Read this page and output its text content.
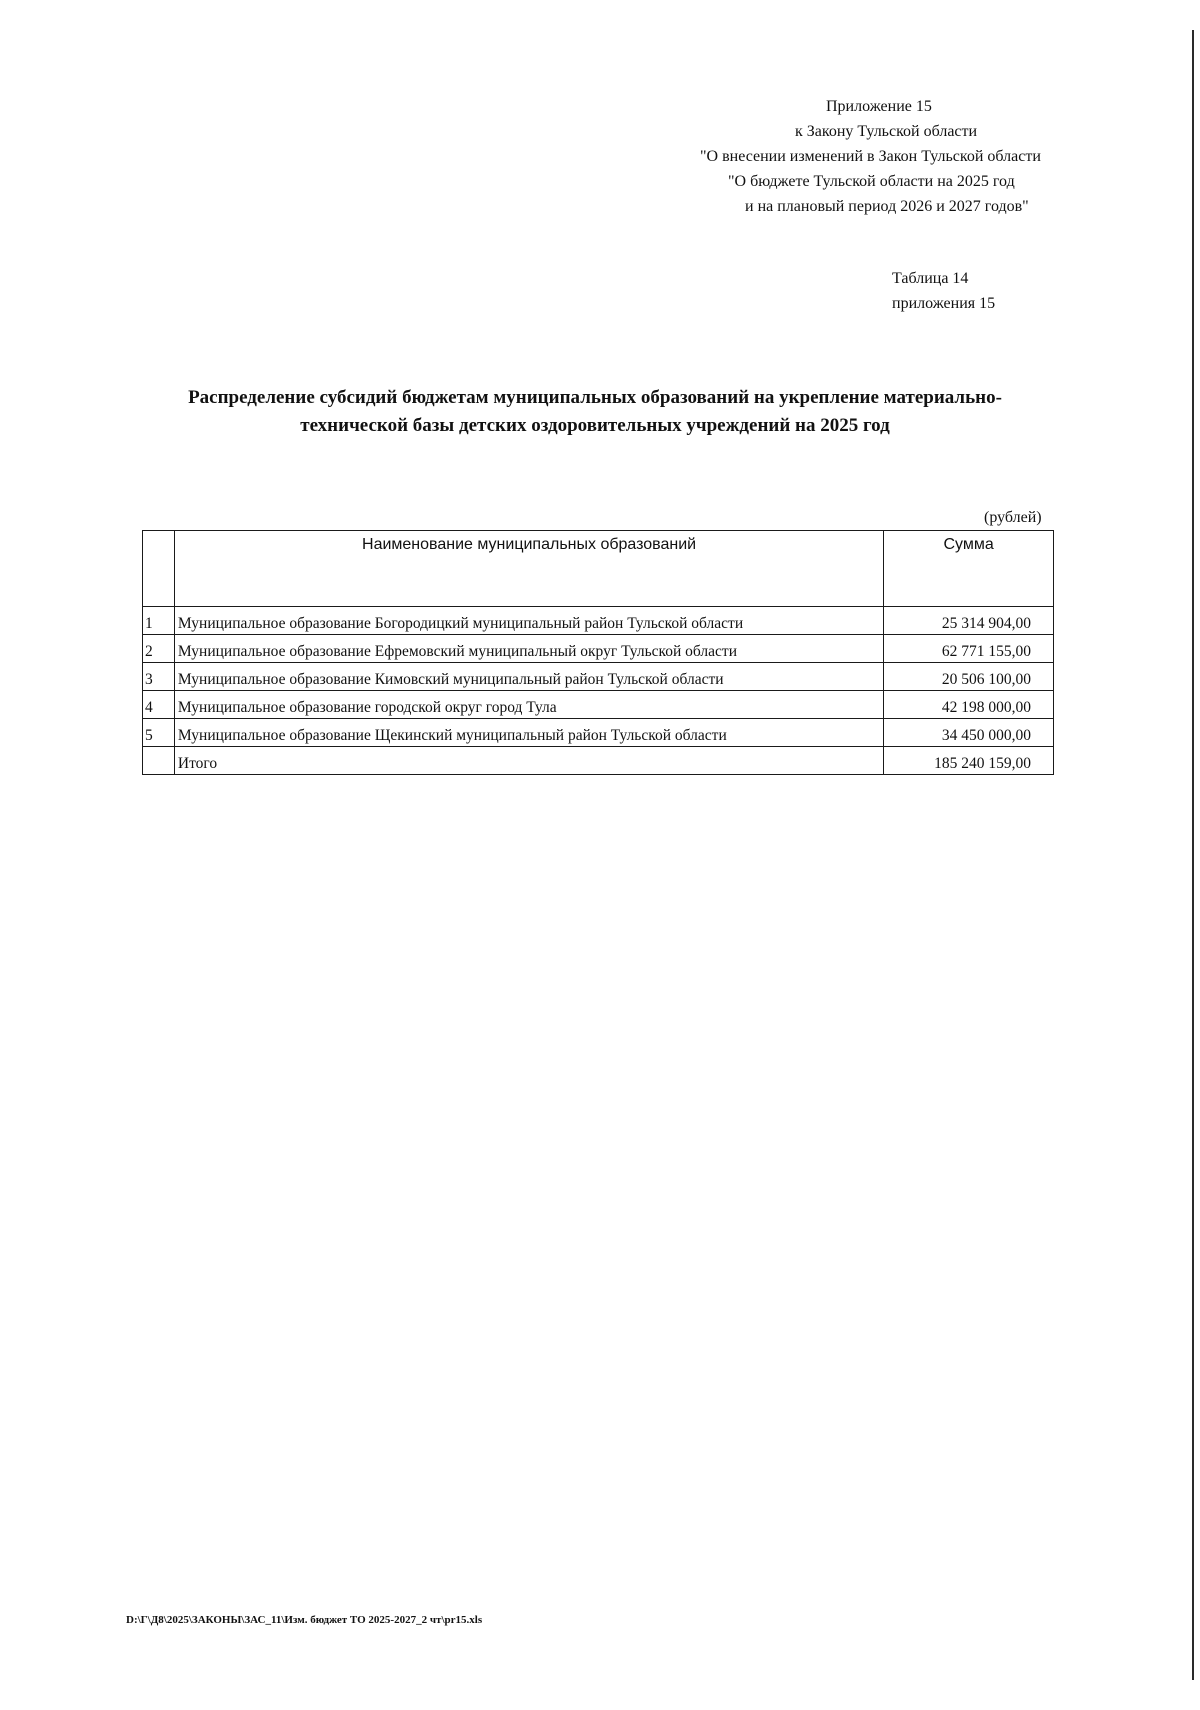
Приложение 15
к Закону Тульской области
"О внесении изменений в Закон Тульской области
"О бюджете Тульской области на 2025 год
и на плановый период 2026 и 2027 годов"
Таблица 14
приложения 15
Распределение субсидий бюджетам муниципальных образований на укрепление материально-
технической базы детских оздоровительных учреждений на 2025 год
(рублей)
	Наименование муниципальных образований	Сумма
1	Муниципальное образование Богородицкий муниципальный район Тульской области	25 314 904,00
2	Муниципальное образование Ефремовский муниципальный округ Тульской области	62 771 155,00
3	Муниципальное образование Кимовский муниципальный район Тульской области	20 506 100,00
4	Муниципальное образование городской округ город Тула	42 198 000,00
5	Муниципальное образование Щекинский муниципальный район Тульской области	34 450 000,00
	Итого	185 240 159,00
D:\Г\Д8\2025\ЗАКОНЫ\ЗАС_11\Изм. бюджет ТО 2025-2027_2 чт\pr15.xls
